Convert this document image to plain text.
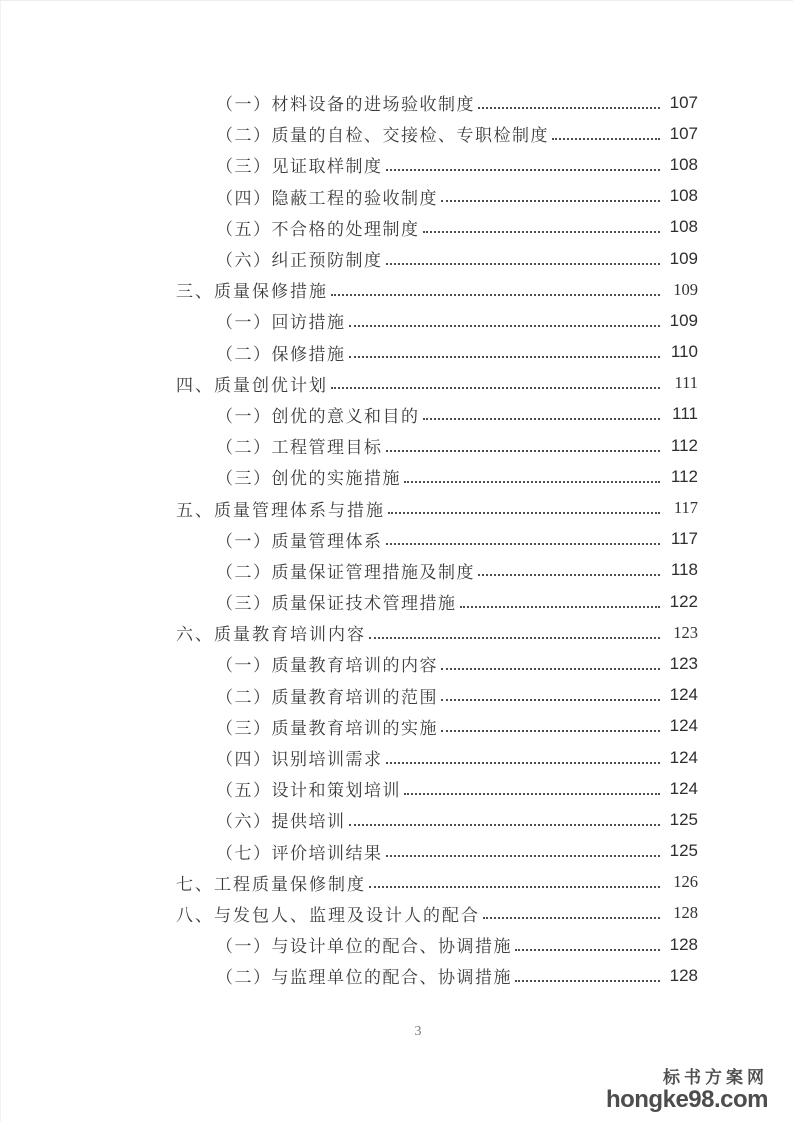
（一）材料设备的进场验收制度	107
（二）质量的自检、交接检、专职检制度	107
（三）见证取样制度	108
（四）隐蔽工程的验收制度	108
（五）不合格的处理制度	108
（六）纠正预防制度	109
三、质量保修措施	109
（一）回访措施	109
（二）保修措施	110
四、质量创优计划	111
（一）创优的意义和目的	111
（二）工程管理目标	112
（三）创优的实施措施	112
五、质量管理体系与措施	117
（一）质量管理体系	117
（二）质量保证管理措施及制度	118
（三）质量保证技术管理措施	122
六、质量教育培训内容	123
（一）质量教育培训的内容	123
（二）质量教育培训的范围	124
（三）质量教育培训的实施	124
（四）识别培训需求	124
（五）设计和策划培训	124
（六）提供培训	125
（七）评价培训结果	125
七、工程质量保修制度	126
八、与发包人、监理及设计人的配合	128
（一）与设计单位的配合、协调措施	128
（二）与监理单位的配合、协调措施	128
3
标书方案网
hongke98.com
